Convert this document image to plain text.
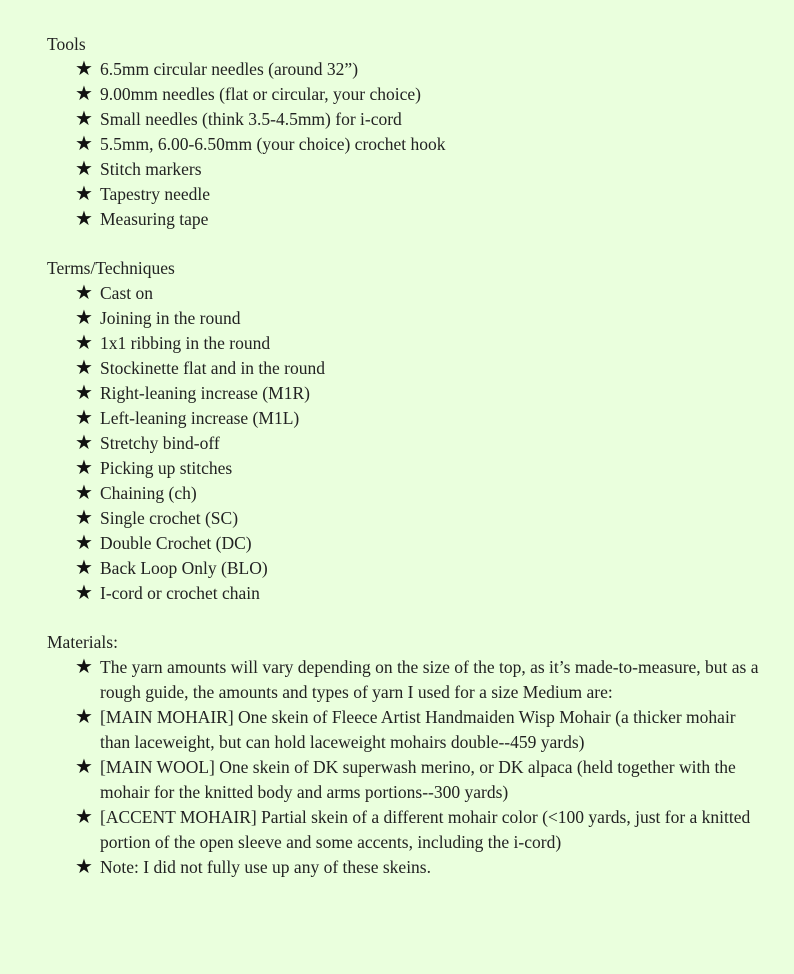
Tools
★ 6.5mm circular needles (around 32”)
★ 9.00mm needles (flat or circular, your choice)
★ Small needles (think 3.5-4.5mm) for i-cord
★ 5.5mm, 6.00-6.50mm (your choice) crochet hook
★ Stitch markers
★ Tapestry needle
★ Measuring tape
Terms/Techniques
★ Cast on
★ Joining in the round
★ 1x1 ribbing in the round
★ Stockinette flat and in the round
★ Right-leaning increase (M1R)
★ Left-leaning increase (M1L)
★ Stretchy bind-off
★ Picking up stitches
★ Chaining (ch)
★ Single crochet (SC)
★ Double Crochet (DC)
★ Back Loop Only (BLO)
★ I-cord or crochet chain
Materials:
★ The yarn amounts will vary depending on the size of the top, as it’s made-to-measure, but as a rough guide, the amounts and types of yarn I used for a size Medium are:
★ [MAIN MOHAIR] One skein of Fleece Artist Handmaiden Wisp Mohair (a thicker mohair than laceweight, but can hold laceweight mohairs double--459 yards)
★ [MAIN WOOL] One skein of DK superwash merino, or DK alpaca (held together with the mohair for the knitted body and arms portions--300 yards)
★ [ACCENT MOHAIR] Partial skein of a different mohair color (<100 yards, just for a knitted portion of the open sleeve and some accents, including the i-cord)
★ Note: I did not fully use up any of these skeins.
